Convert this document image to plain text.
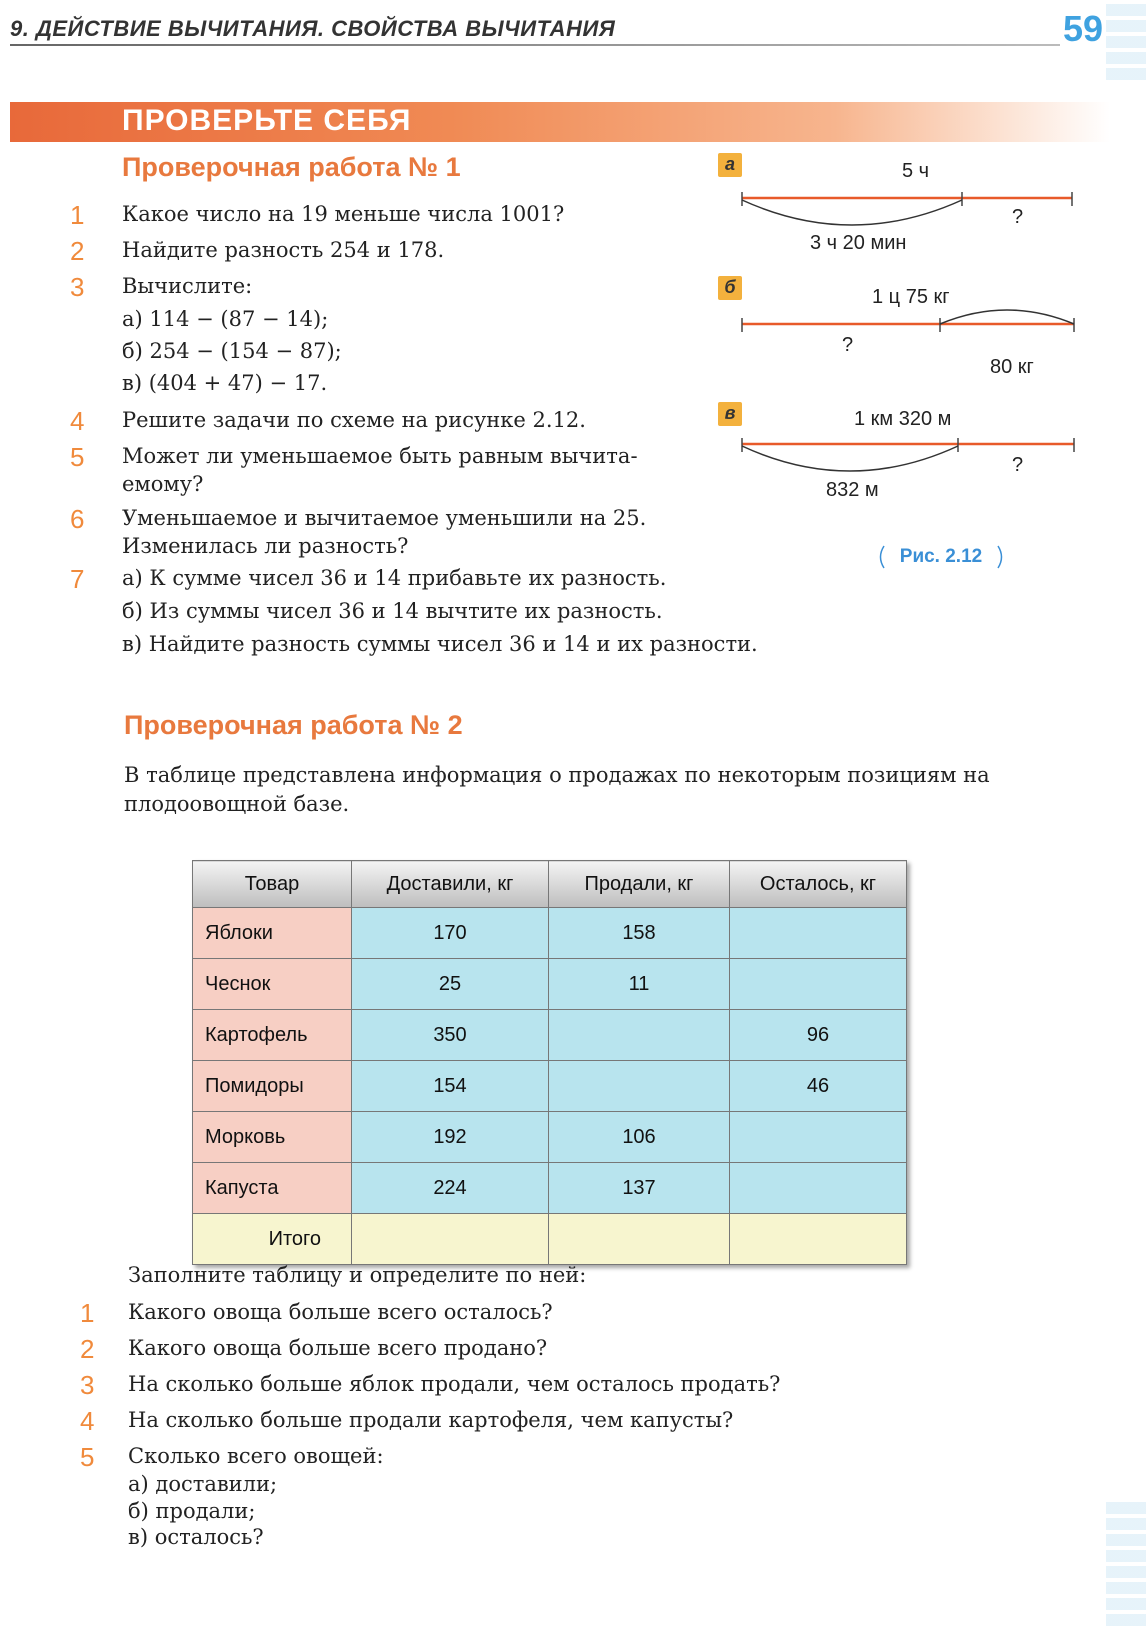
9. ДЕЙСТВИЕ ВЫЧИТАНИЯ. СВОЙСТВА ВЫЧИТАНИЯ	59
ПРОВЕРЬТЕ СЕБЯ
Проверочная работа № 1
1 Какое число на 19 меньше числа 1001?
2 Найдите разность 254 и 178.
3 Вычислите:
а) 114 − (87 − 14);
б) 254 − (154 − 87);
в) (404 + 47) − 17.
4 Решите задачи по схеме на рисунке 2.12.
5 Может ли уменьшаемое быть равным вычита-
емому?
6 Уменьшаемое и вычитаемое уменьшили на 25.
Изменилась ли разность?
7 а) К сумме чисел 36 и 14 прибавьте их разность.
б) Из суммы чисел 36 и 14 вычтите их разность.
в) Найдите разность суммы чисел 36 и 14 и их разности.
а	5 ч
?
3 ч 20 мин
б	1 ц 75 кг
?
80 кг
в	1 км 320 м
?
832 м
Рис. 2.12
Проверочная работа № 2
В таблице представлена информация о продажах по некоторым позициям на
плодоовощной базе.
Товар	Доставили, кг	Продали, кг	Осталось, кг
Яблоки	170	158	
Чеснок	25	11	
Картофель	350		96
Помидоры	154		46
Морковь	192	106	
Капуста	224	137	
Итого			
Заполните таблицу и определите по ней:
1 Какого овоща больше всего осталось?
2 Какого овоща больше всего продано?
3 На сколько больше яблок продали, чем осталось продать?
4 На сколько больше продали картофеля, чем капусты?
5 Сколько всего овощей:
а) доставили;
б) продали;
в) осталось?
